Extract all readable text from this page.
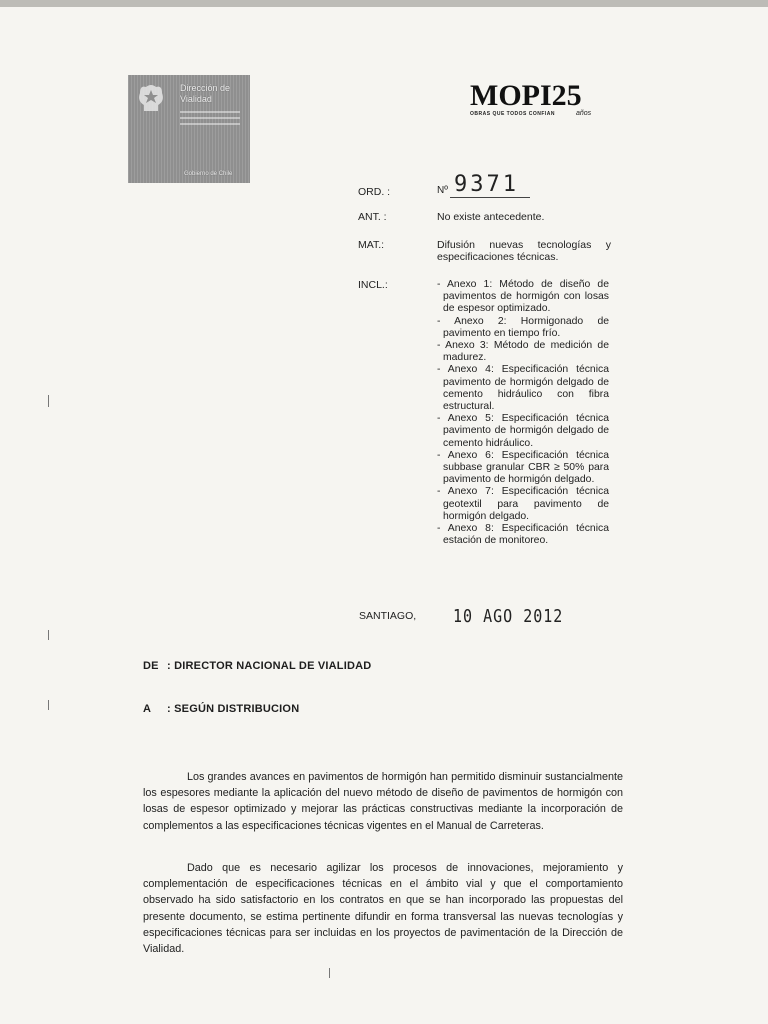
Dirección de
Vialidad
Gobierno de Chile
MOPI25
OBRAS QUE TODOS CONFIAN	años
ORD. :	Nº 9371
ANT. :	No existe antecedente.
MAT.:	Difusión nuevas tecnologías y especificaciones técnicas.
INCL.:	- Anexo 1: Método de diseño de pavimentos de hormigón con losas de espesor optimizado.
- Anexo 2: Hormigonado de pavimento en tiempo frío.
- Anexo 3: Método de medición de madurez.
- Anexo 4: Especificación técnica pavimento de hormigón delgado de cemento hidráulico con fibra estructural.
- Anexo 5: Especificación técnica pavimento de hormigón delgado de cemento hidráulico.
- Anexo 6: Especificación técnica subbase granular CBR ≥ 50% para pavimento de hormigón delgado.
- Anexo 7: Especificación técnica geotextil para pavimento de hormigón delgado.
- Anexo 8: Especificación técnica estación de monitoreo.
SANTIAGO, 10 AGO 2012
DE : DIRECTOR NACIONAL DE VIALIDAD
A : SEGÚN DISTRIBUCION

Los grandes avances en pavimentos de hormigón han permitido disminuir sustancialmente los espesores mediante la aplicación del nuevo método de diseño de pavimentos de hormigón con losas de espesor optimizado y mejorar las prácticas constructivas mediante la incorporación de complementos a las especificaciones técnicas vigentes en el Manual de Carreteras.

Dado que es necesario agilizar los procesos de innovaciones, mejoramiento y complementación de especificaciones técnicas en el ámbito vial y que el comportamiento observado ha sido satisfactorio en los contratos en que se han incorporado las propuestas del presente documento, se estima pertinente difundir en forma transversal las nuevas tecnologías y especificaciones técnicas para ser incluidas en los proyectos de pavimentación de la Dirección de Vialidad.
